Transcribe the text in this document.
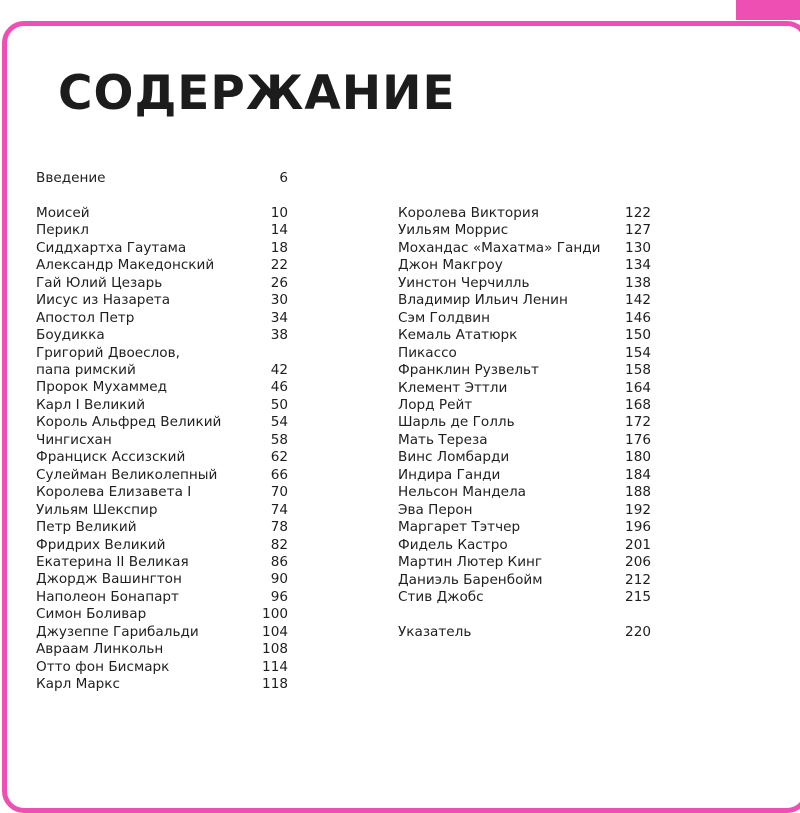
СОДЕРЖАНИЕ
Введение	6
Моисей	10
Перикл	14
Сиддхартха Гаутама	18
Александр Македонский	22
Гай Юлий Цезарь	26
Иисус из Назарета	30
Апостол Петр	34
Боудикка	38
Григорий Двоеслов,
папа римский	42
Пророк Мухаммед	46
Карл I Великий	50
Король Альфред Великий	54
Чингисхан	58
Франциск Ассизский	62
Сулейман Великолепный	66
Королева Елизавета I	70
Уильям Шекспир	74
Петр Великий	78
Фридрих Великий	82
Екатерина II Великая	86
Джордж Вашингтон	90
Наполеон Бонапарт	96
Симон Боливар	100
Джузеппе Гарибальди	104
Авраам Линкольн	108
Отто фон Бисмарк	114
Карл Маркс	118
Королева Виктория	122
Уильям Моррис	127
Мохандас «Махатма» Ганди	130
Джон Макгроу	134
Уинстон Черчилль	138
Владимир Ильич Ленин	142
Сэм Голдвин	146
Кемаль Ататюрк	150
Пикассо	154
Франклин Рузвельт	158
Клемент Эттли	164
Лорд Рейт	168
Шарль де Голль	172
Мать Тереза	176
Винс Ломбарди	180
Индира Ганди	184
Нельсон Мандела	188
Эва Перон	192
Маргарет Тэтчер	196
Фидель Кастро	201
Мартин Лютер Кинг	206
Даниэль Баренбойм	212
Стив Джобс	215
Указатель	220
